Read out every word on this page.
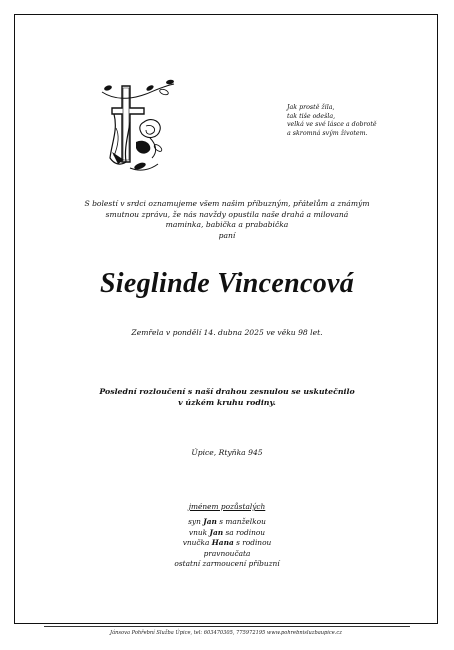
Jak prostě žila,
tak tiše odešla,
velká ve své lásce a dobrotě
a skromná svým životem.
S bolestí v srdci oznamujeme všem našim příbuzným, přátelům a známým
smutnou zprávu, že nás navždy opustila naše drahá a milovaná
maminka, babička a prababička
paní
Sieglinde Vincencová
Zemřela v pondělí 14. dubna 2025 ve věku 98 let.
Poslední rozloučení s naší drahou zesnulou se uskutečnilo
v úzkém kruhu rodiny.
Úpice, Rtyňka 945
jménem pozůstalých
syn Jan s manželkou
vnuk Jan sa rodinou
vnučka Hana s rodinou
pravnoučata
ostatní zarmoucení příbuzní
Jánsova Pohřební Služba Úpice, tel: 603470305, 775972195 www.pohrebnisluzbaupice.cz
